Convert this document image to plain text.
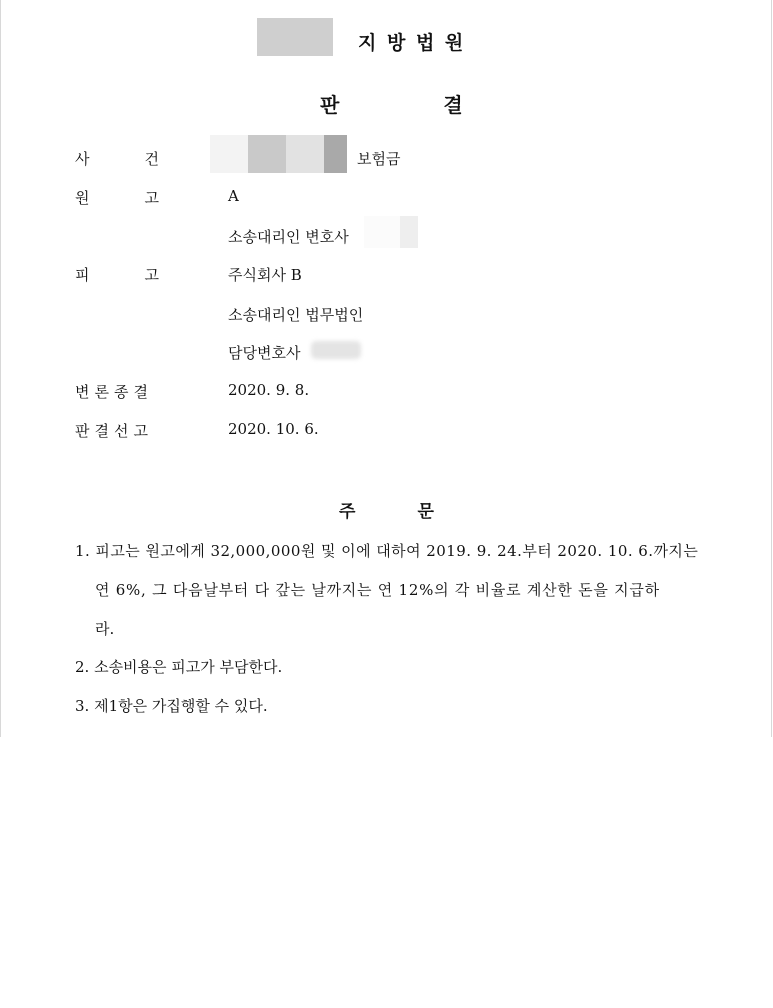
지 방 법 원
판	결
사	건	보험금
원	고	A
소송대리인 변호사
피	고	주식회사 B
소송대리인 법무법인
담당변호사
변 론 종 결	2020. 9. 8.
판 결 선 고	2020. 10. 6.
주	문
1. 피고는 원고에게 32,000,000원 및 이에 대하여 2019. 9. 24.부터 2020. 10. 6.까지는
연 6%, 그 다음날부터 다 갚는 날까지는 연 12%의 각 비율로 계산한 돈을 지급하
라.
2. 소송비용은 피고가 부담한다.
3. 제1항은 가집행할 수 있다.
